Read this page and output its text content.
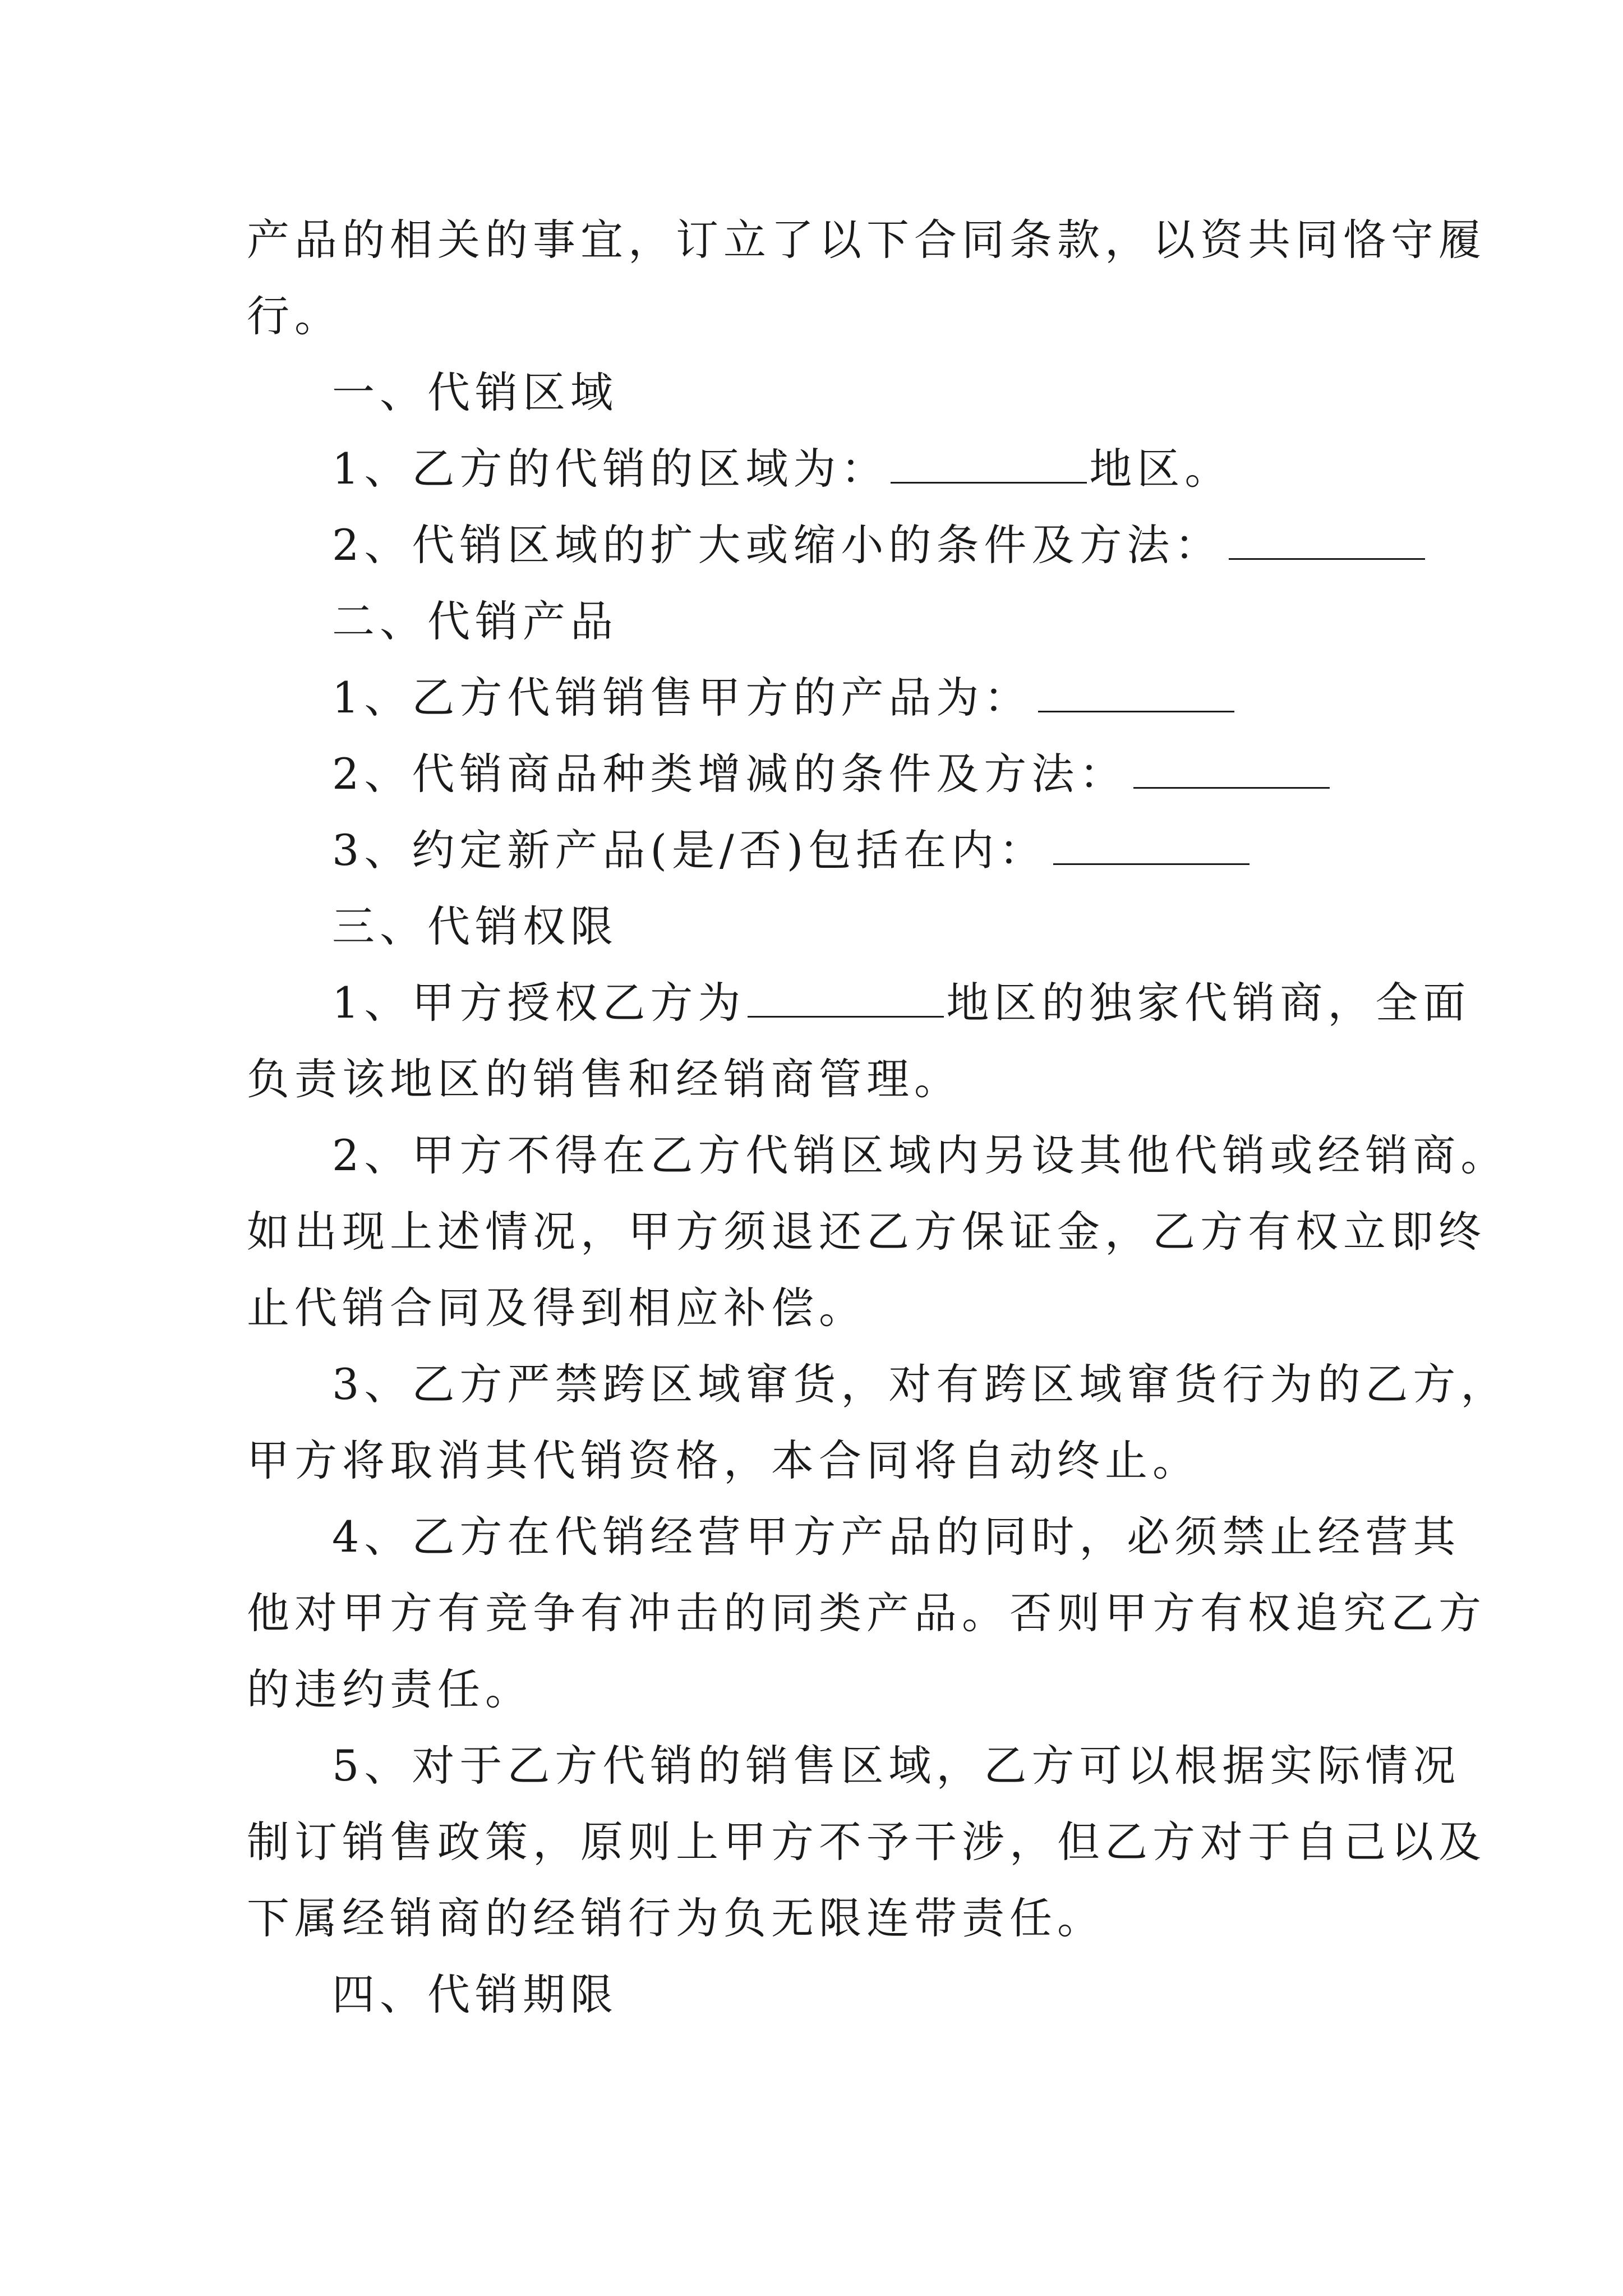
产品的相关的事宜，订立了以下合同条款，以资共同恪守履
行。
一、代销区域
1、乙方的代销的区域为：	地区。
2、代销区域的扩大或缩小的条件及方法：
二、代销产品
1、乙方代销销售甲方的产品为：
2、代销商品种类增减的条件及方法：
3、约定新产品(是/否)包括在内：
三、代销权限
1、甲方授权乙方为	地区的独家代销商，全面
负责该地区的销售和经销商管理。
2、甲方不得在乙方代销区域内另设其他代销或经销商。
如出现上述情况，甲方须退还乙方保证金，乙方有权立即终
止代销合同及得到相应补偿。
3、乙方严禁跨区域窜货，对有跨区域窜货行为的乙方，
甲方将取消其代销资格，本合同将自动终止。
4、乙方在代销经营甲方产品的同时，必须禁止经营其
他对甲方有竞争有冲击的同类产品。否则甲方有权追究乙方
的违约责任。
5、对于乙方代销的销售区域，乙方可以根据实际情况
制订销售政策，原则上甲方不予干涉，但乙方对于自己以及
下属经销商的经销行为负无限连带责任。
四、代销期限
